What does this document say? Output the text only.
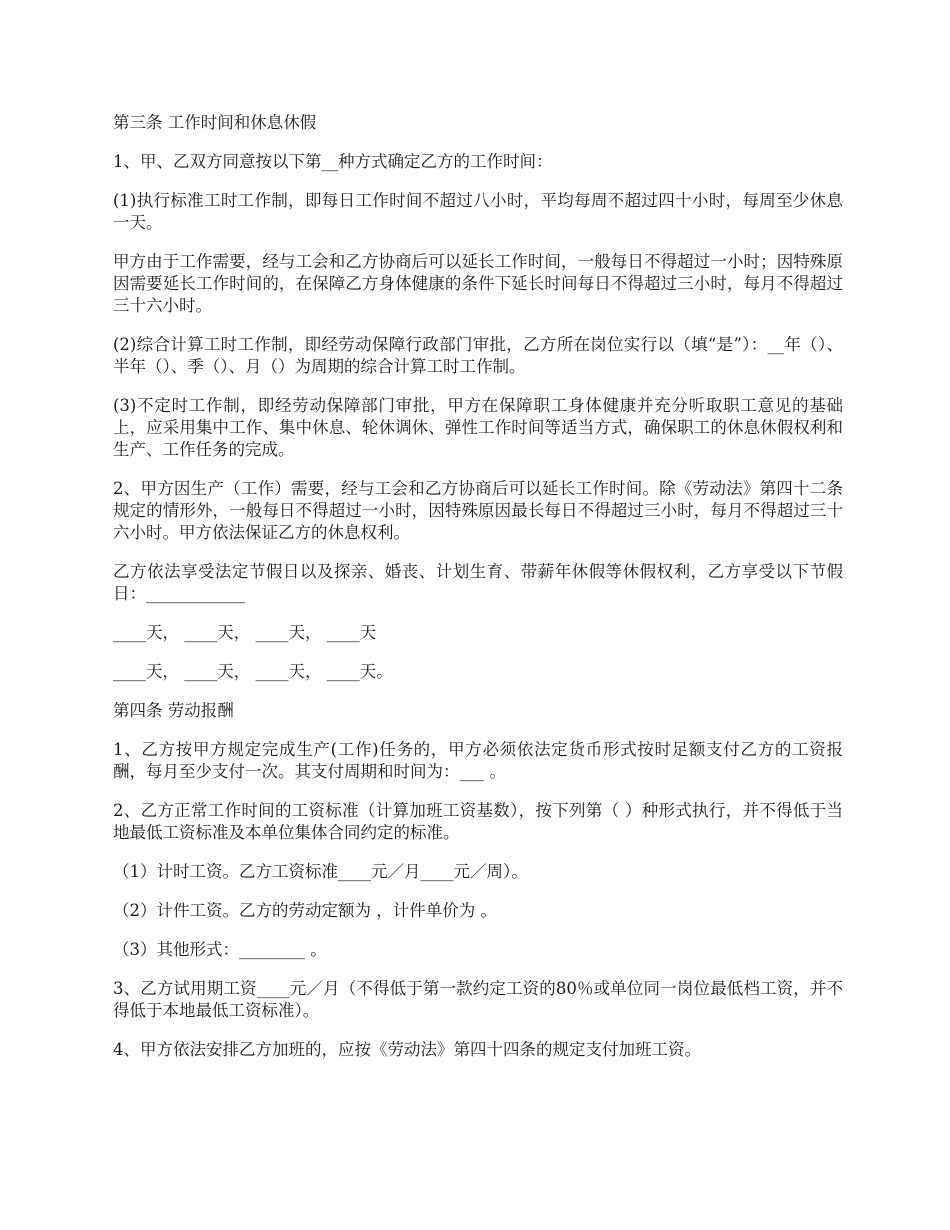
第三条 工作时间和休息休假

1、甲、乙双方同意按以下第__种方式确定乙方的工作时间：

(1)执行标准工时工作制，即每日工作时间不超过八小时，平均每周不超过四十小时，每周至少休息一天。

甲方由于工作需要，经与工会和乙方协商后可以延长工作时间，一般每日不得超过一小时；因特殊原因需要延长工作时间的，在保障乙方身体健康的条件下延长时间每日不得超过三小时，每月不得超过三十六小时。

(2)综合计算工时工作制，即经劳动保障行政部门审批，乙方所在岗位实行以（填“是”）：__年（）、半年（）、季（）、月（）为周期的综合计算工时工作制。

(3)不定时工作制，即经劳动保障部门审批，甲方在保障职工身体健康并充分听取职工意见的基础上，应采用集中工作、集中休息、轮休调休、弹性工作时间等适当方式，确保职工的休息休假权利和生产、工作任务的完成。

2、甲方因生产（工作）需要，经与工会和乙方协商后可以延长工作时间。除《劳动法》第四十二条规定的情形外，一般每日不得超过一小时，因特殊原因最长每日不得超过三小时，每月不得超过三十六小时。甲方依法保证乙方的休息权利。

乙方依法享受法定节假日以及探亲、婚丧、计划生育、带薪年休假等休假权利，乙方享受以下节假日：____________

____天， ____天， ____天， ____天

____天， ____天， ____天， ____天。

第四条 劳动报酬

1、乙方按甲方规定完成生产(工作)任务的，甲方必须依法定货币形式按时足额支付乙方的工资报酬，每月至少支付一次。其支付周期和时间为：___ 。

2、乙方正常工作时间的工资标准（计算加班工资基数），按下列第（ ）种形式执行，并不得低于当地最低工资标准及本单位集体合同约定的标准。

（1）计时工资。乙方工资标准____元／月____元／周）。

（2）计件工资。乙方的劳动定额为 ，计件单价为 。

（3）其他形式：________ 。

3、乙方试用期工资____元／月（不得低于第一款约定工资的80％或单位同一岗位最低档工资，并不得低于本地最低工资标准）。

4、甲方依法安排乙方加班的，应按《劳动法》第四十四条的规定支付加班工资。
